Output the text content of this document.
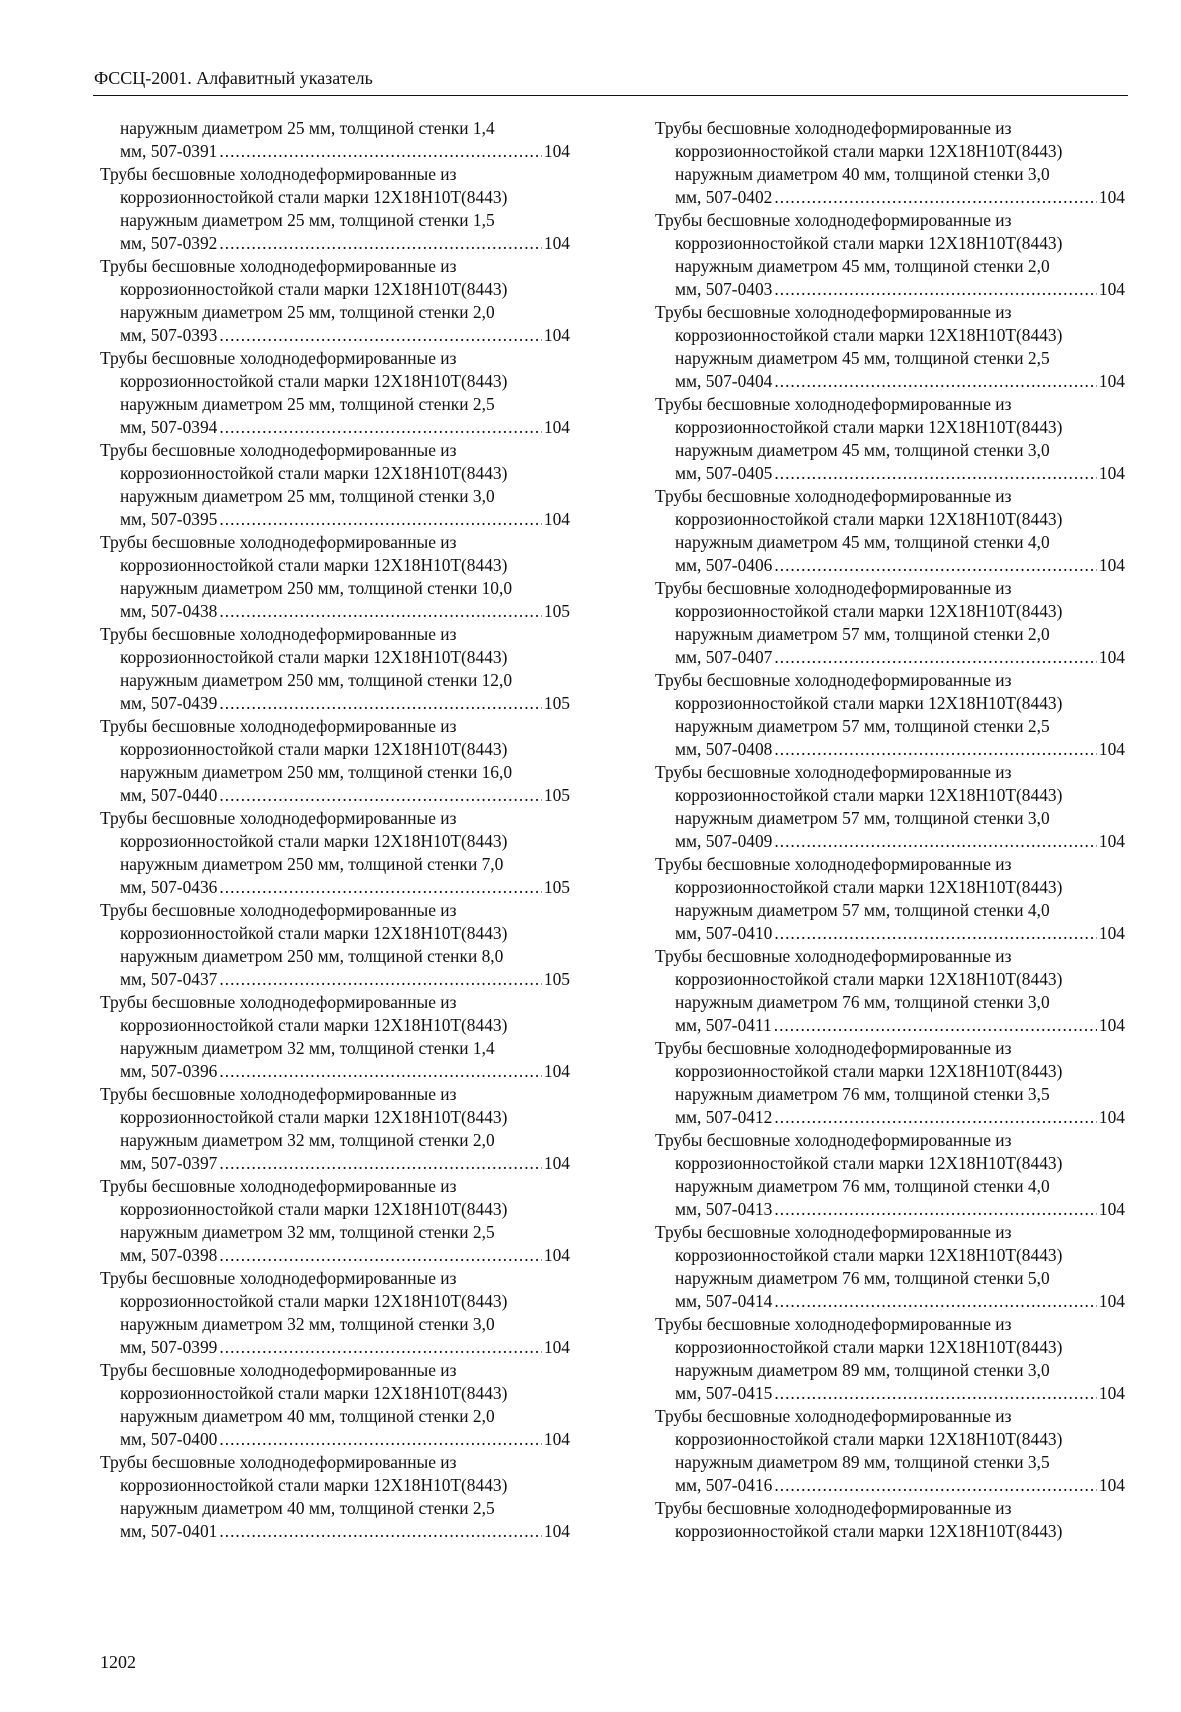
ФССЦ-2001. Алфавитный указатель
наружным диаметром 25 мм, толщиной стенки 1,4
мм, 507-0391 .....	104
Трубы бесшовные холоднодеформированные из
коррозионностойкой стали марки 12Х18Н10Т(8443)
наружным диаметром 25 мм, толщиной стенки 1,5
мм, 507-0392 .....	104
Трубы бесшовные холоднодеформированные из
коррозионностойкой стали марки 12Х18Н10Т(8443)
наружным диаметром 25 мм, толщиной стенки 2,0
мм, 507-0393 .....	104
Трубы бесшовные холоднодеформированные из
коррозионностойкой стали марки 12Х18Н10Т(8443)
наружным диаметром 25 мм, толщиной стенки 2,5
мм, 507-0394 .....	104
Трубы бесшовные холоднодеформированные из
коррозионностойкой стали марки 12Х18Н10Т(8443)
наружным диаметром 25 мм, толщиной стенки 3,0
мм, 507-0395 .....	104
Трубы бесшовные холоднодеформированные из
коррозионностойкой стали марки 12Х18Н10Т(8443)
наружным диаметром 250 мм, толщиной стенки 10,0
мм, 507-0438 .....	105
Трубы бесшовные холоднодеформированные из
коррозионностойкой стали марки 12Х18Н10Т(8443)
наружным диаметром 250 мм, толщиной стенки 12,0
мм, 507-0439 .....	105
Трубы бесшовные холоднодеформированные из
коррозионностойкой стали марки 12Х18Н10Т(8443)
наружным диаметром 250 мм, толщиной стенки 16,0
мм, 507-0440 .....	105
Трубы бесшовные холоднодеформированные из
коррозионностойкой стали марки 12Х18Н10Т(8443)
наружным диаметром 250 мм, толщиной стенки 7,0
мм, 507-0436 .....	105
Трубы бесшовные холоднодеформированные из
коррозионностойкой стали марки 12Х18Н10Т(8443)
наружным диаметром 250 мм, толщиной стенки 8,0
мм, 507-0437 .....	105
Трубы бесшовные холоднодеформированные из
коррозионностойкой стали марки 12Х18Н10Т(8443)
наружным диаметром 32 мм, толщиной стенки 1,4
мм, 507-0396 .....	104
Трубы бесшовные холоднодеформированные из
коррозионностойкой стали марки 12Х18Н10Т(8443)
наружным диаметром 32 мм, толщиной стенки 2,0
мм, 507-0397 .....	104
Трубы бесшовные холоднодеформированные из
коррозионностойкой стали марки 12Х18Н10Т(8443)
наружным диаметром 32 мм, толщиной стенки 2,5
мм, 507-0398 .....	104
Трубы бесшовные холоднодеформированные из
коррозионностойкой стали марки 12Х18Н10Т(8443)
наружным диаметром 32 мм, толщиной стенки 3,0
мм, 507-0399 .....	104
Трубы бесшовные холоднодеформированные из
коррозионностойкой стали марки 12Х18Н10Т(8443)
наружным диаметром 40 мм, толщиной стенки 2,0
мм, 507-0400 .....	104
Трубы бесшовные холоднодеформированные из
коррозионностойкой стали марки 12Х18Н10Т(8443)
наружным диаметром 40 мм, толщиной стенки 2,5
мм, 507-0401 .....	104
Трубы бесшовные холоднодеформированные из
коррозионностойкой стали марки 12Х18Н10Т(8443)
наружным диаметром 40 мм, толщиной стенки 3,0
мм, 507-0402 .....	104
Трубы бесшовные холоднодеформированные из
коррозионностойкой стали марки 12Х18Н10Т(8443)
наружным диаметром 45 мм, толщиной стенки 2,0
мм, 507-0403 .....	104
Трубы бесшовные холоднодеформированные из
коррозионностойкой стали марки 12Х18Н10Т(8443)
наружным диаметром 45 мм, толщиной стенки 2,5
мм, 507-0404 .....	104
Трубы бесшовные холоднодеформированные из
коррозионностойкой стали марки 12Х18Н10Т(8443)
наружным диаметром 45 мм, толщиной стенки 3,0
мм, 507-0405 .....	104
Трубы бесшовные холоднодеформированные из
коррозионностойкой стали марки 12Х18Н10Т(8443)
наружным диаметром 45 мм, толщиной стенки 4,0
мм, 507-0406 .....	104
Трубы бесшовные холоднодеформированные из
коррозионностойкой стали марки 12Х18Н10Т(8443)
наружным диаметром 57 мм, толщиной стенки 2,0
мм, 507-0407 .....	104
Трубы бесшовные холоднодеформированные из
коррозионностойкой стали марки 12Х18Н10Т(8443)
наружным диаметром 57 мм, толщиной стенки 2,5
мм, 507-0408 .....	104
Трубы бесшовные холоднодеформированные из
коррозионностойкой стали марки 12Х18Н10Т(8443)
наружным диаметром 57 мм, толщиной стенки 3,0
мм, 507-0409 .....	104
Трубы бесшовные холоднодеформированные из
коррозионностойкой стали марки 12Х18Н10Т(8443)
наружным диаметром 57 мм, толщиной стенки 4,0
мм, 507-0410 .....	104
Трубы бесшовные холоднодеформированные из
коррозионностойкой стали марки 12Х18Н10Т(8443)
наружным диаметром 76 мм, толщиной стенки 3,0
мм, 507-0411 .....	104
Трубы бесшовные холоднодеформированные из
коррозионностойкой стали марки 12Х18Н10Т(8443)
наружным диаметром 76 мм, толщиной стенки 3,5
мм, 507-0412 .....	104
Трубы бесшовные холоднодеформированные из
коррозионностойкой стали марки 12Х18Н10Т(8443)
наружным диаметром 76 мм, толщиной стенки 4,0
мм, 507-0413 .....	104
Трубы бесшовные холоднодеформированные из
коррозионностойкой стали марки 12Х18Н10Т(8443)
наружным диаметром 76 мм, толщиной стенки 5,0
мм, 507-0414 .....	104
Трубы бесшовные холоднодеформированные из
коррозионностойкой стали марки 12Х18Н10Т(8443)
наружным диаметром 89 мм, толщиной стенки 3,0
мм, 507-0415 .....	104
Трубы бесшовные холоднодеформированные из
коррозионностойкой стали марки 12Х18Н10Т(8443)
наружным диаметром 89 мм, толщиной стенки 3,5
мм, 507-0416 .....	104
Трубы бесшовные холоднодеформированные из
коррозионностойкой стали марки 12Х18Н10Т(8443)
1202
